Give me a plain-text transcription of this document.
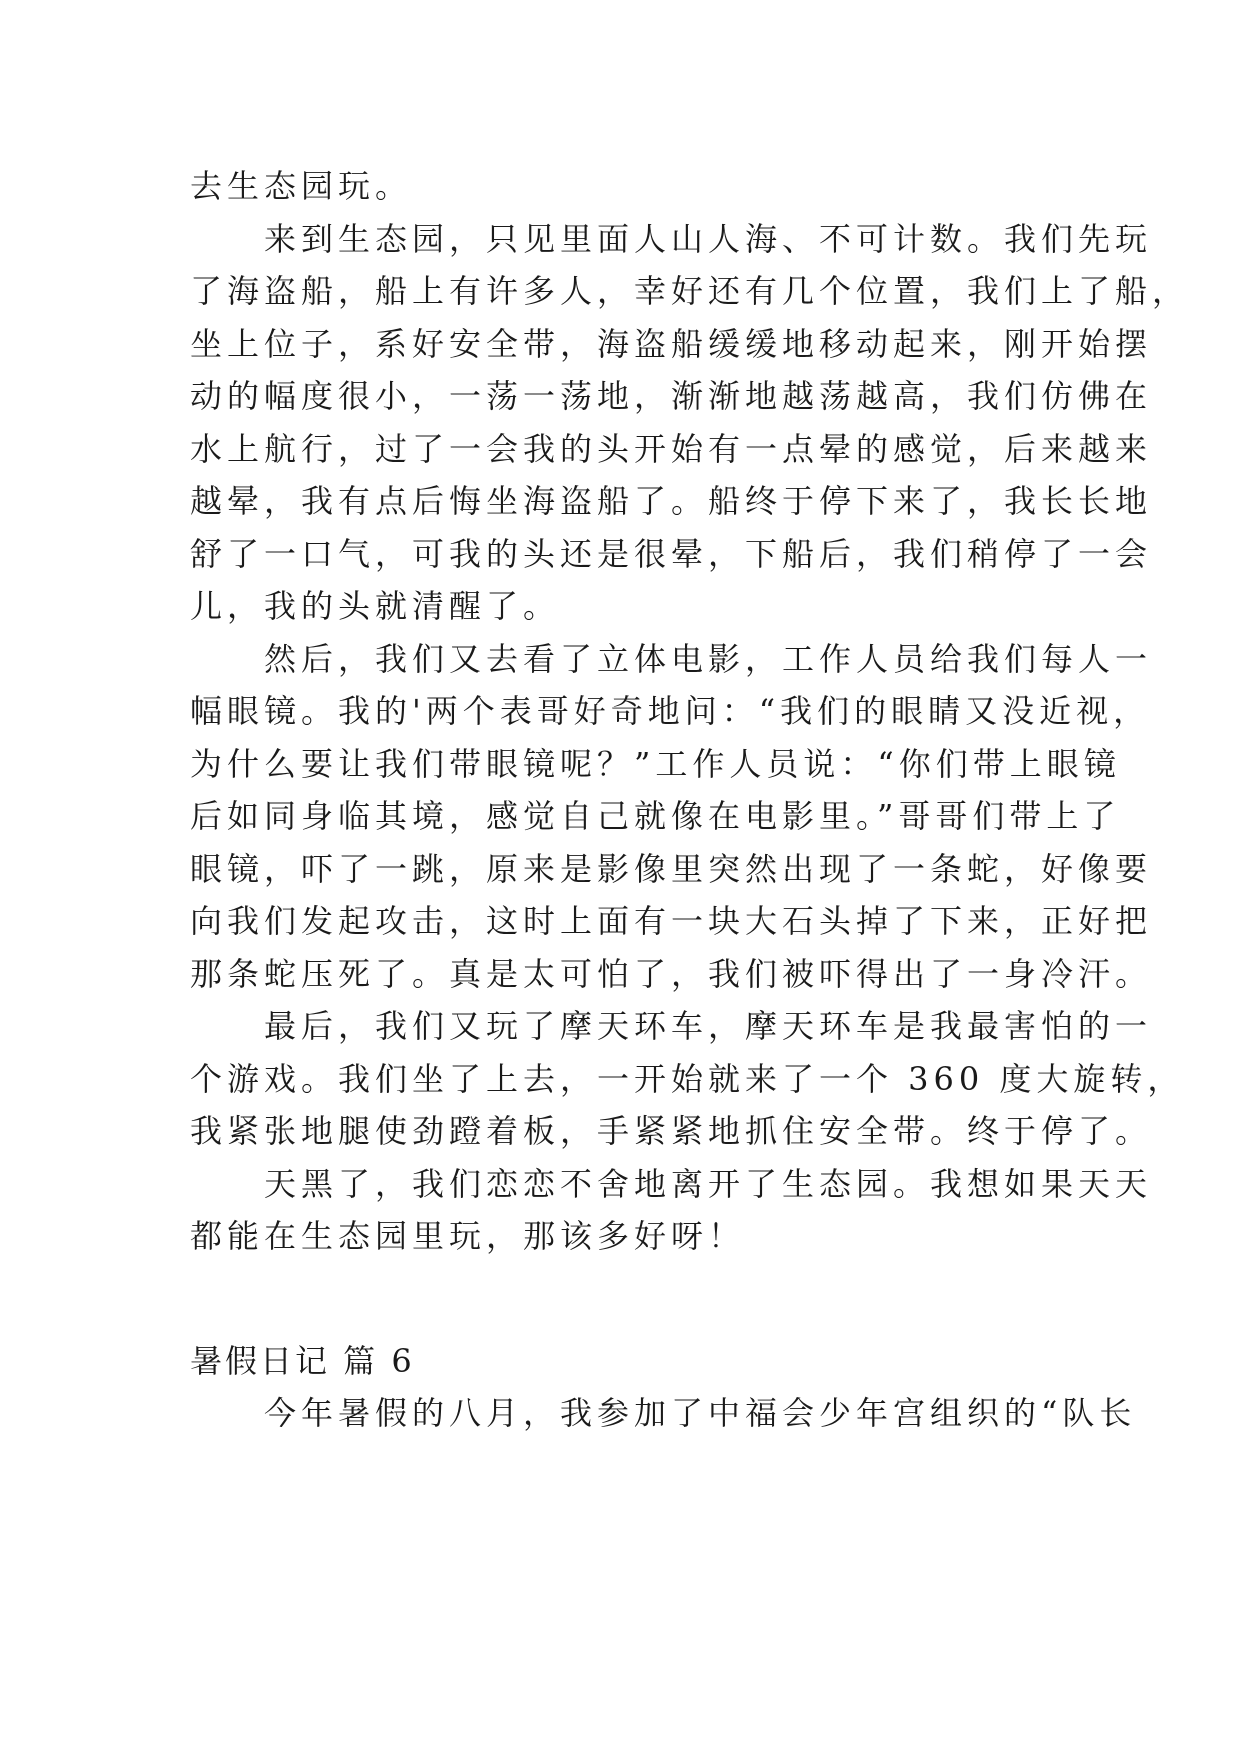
去生态园玩。
来到生态园，只见里面人山人海、不可计数。我们先玩
了海盗船，船上有许多人，幸好还有几个位置，我们上了船，
坐上位子，系好安全带，海盗船缓缓地移动起来，刚开始摆
动的幅度很小，一荡一荡地，渐渐地越荡越高，我们仿佛在
水上航行，过了一会我的头开始有一点晕的感觉，后来越来
越晕，我有点后悔坐海盗船了。船终于停下来了，我长长地
舒了一口气，可我的头还是很晕，下船后，我们稍停了一会
儿，我的头就清醒了。
然后，我们又去看了立体电影，工作人员给我们每人一
幅眼镜。我的'两个表哥好奇地问：“我们的眼睛又没近视，
为什么要让我们带眼镜呢？”工作人员说：“你们带上眼镜
后如同身临其境，感觉自己就像在电影里。”哥哥们带上了
眼镜，吓了一跳，原来是影像里突然出现了一条蛇，好像要
向我们发起攻击，这时上面有一块大石头掉了下来，正好把
那条蛇压死了。真是太可怕了，我们被吓得出了一身冷汗。
最后，我们又玩了摩天环车，摩天环车是我最害怕的一
个游戏。我们坐了上去，一开始就来了一个 360 度大旋转，
我紧张地腿使劲蹬着板，手紧紧地抓住安全带。终于停了。
天黑了，我们恋恋不舍地离开了生态园。我想如果天天
都能在生态园里玩，那该多好呀！
暑假日记 篇 6
今年暑假的八月，我参加了中福会少年宫组织的“队长
